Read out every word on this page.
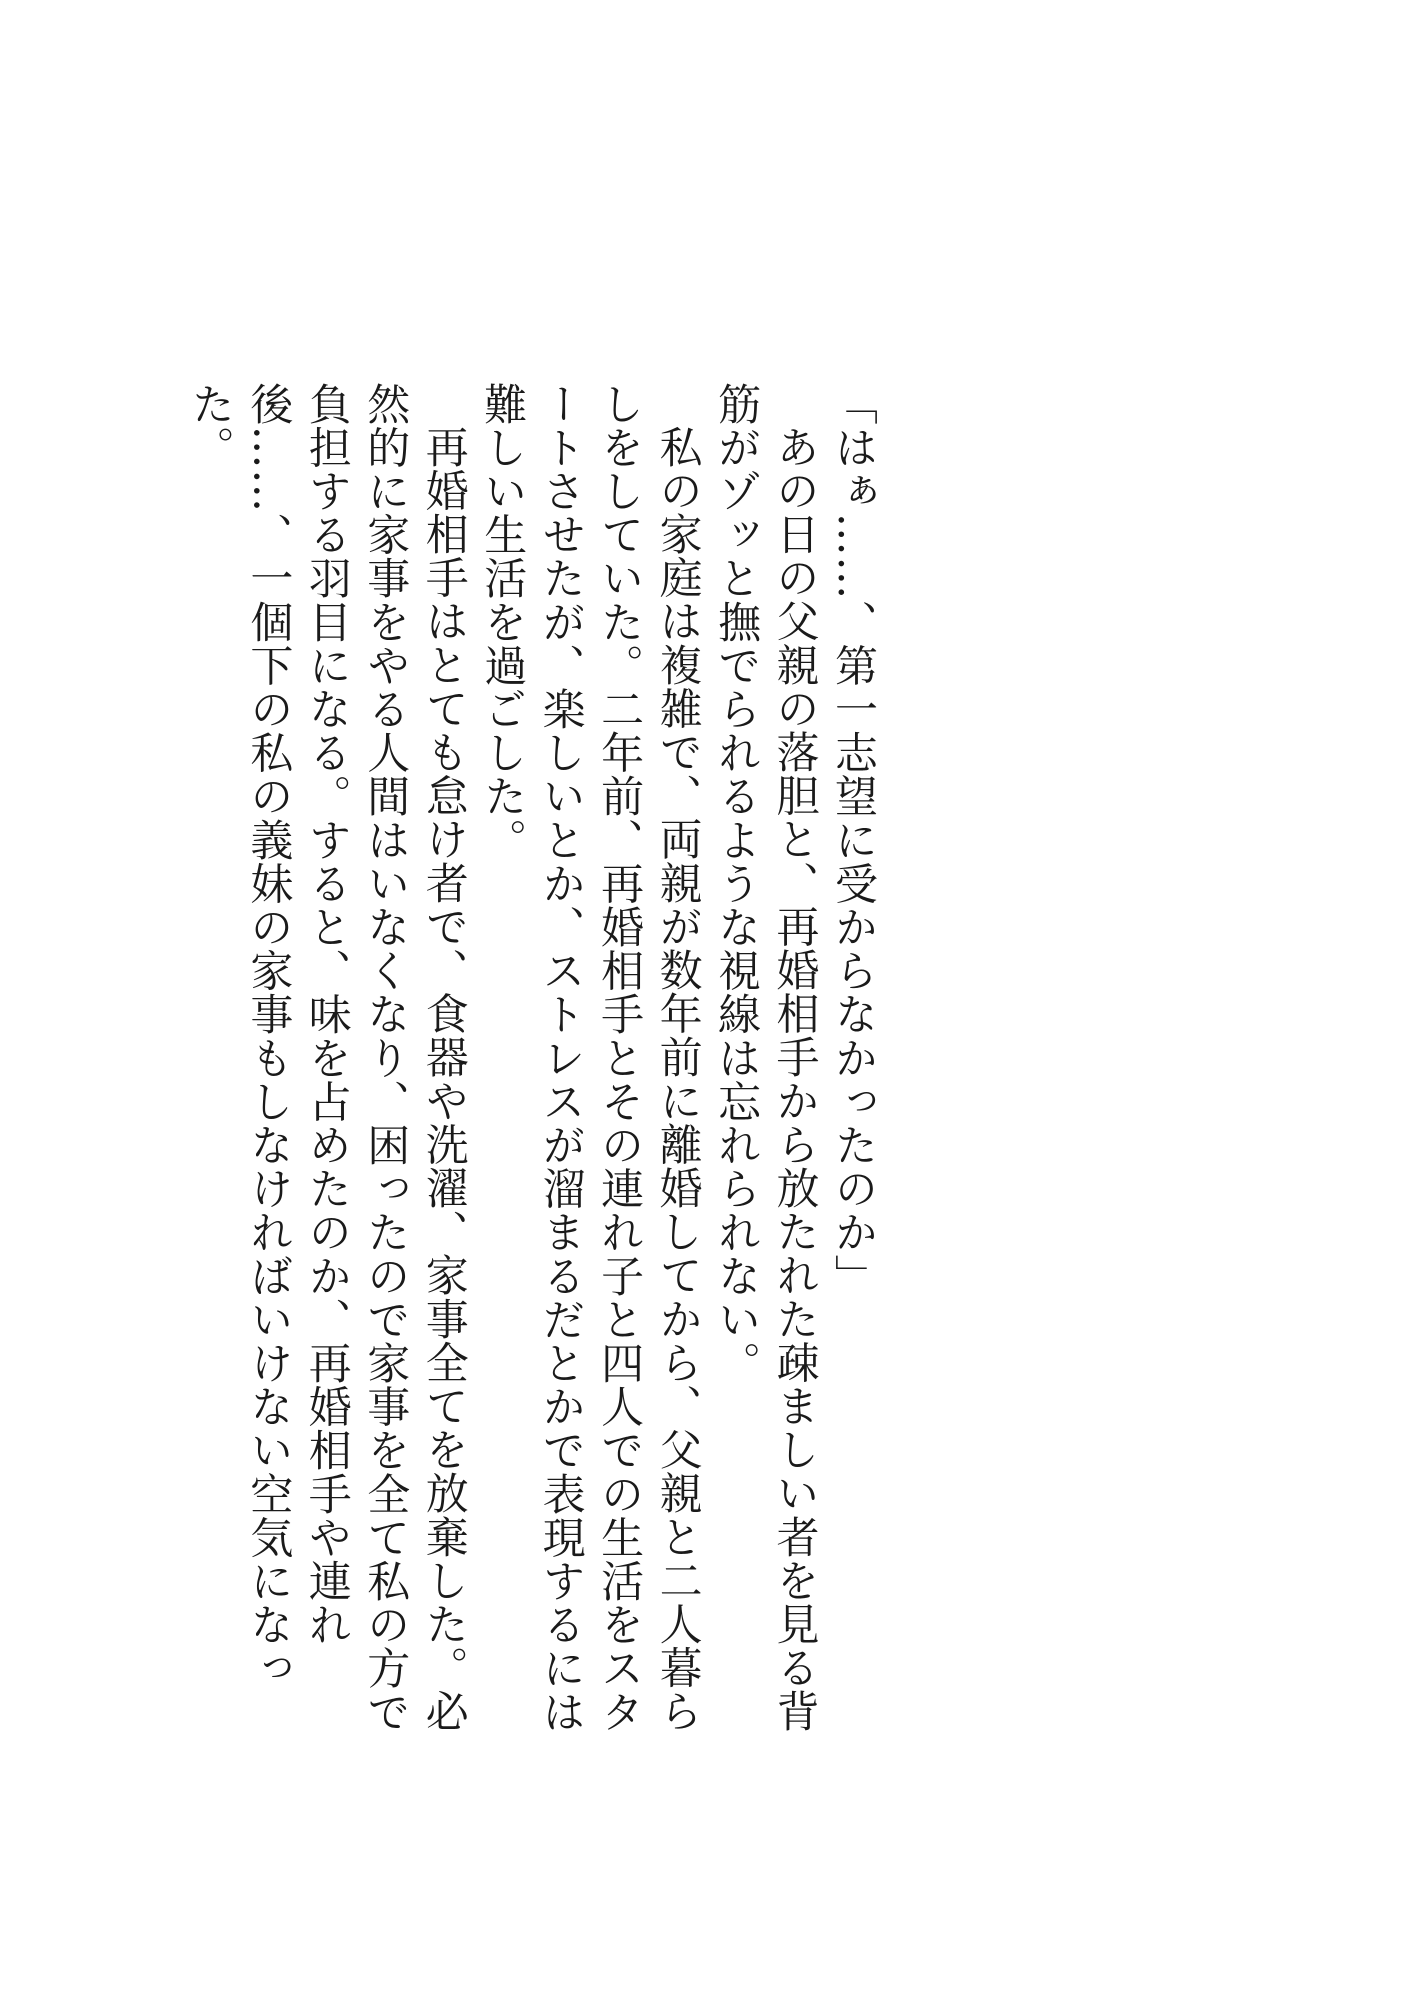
「はぁ……、第一志望に受からなかったのか」

あの日の父親の落胆と、再婚相手から放たれた疎ましい者を見る背筋がゾッと撫でられるような視線は忘れられない。

私の家庭は複雑で、両親が数年前に離婚してから、父親と二人暮らしをしていた。二年前、再婚相手とその連れ子と四人での生活をスタートさせたが、楽しいとか、ストレスが溜まるだとかで表現するには難しい生活を過ごした。

再婚相手はとても怠け者で、食器や洗濯、家事全てを放棄した。必然的に家事をやる人間はいなくなり、困ったので家事を全て私の方で負担する羽目になる。すると、味を占めたのか、再婚相手や連れ後……、一個下の私の義妹の家事もしなければいけない空気になった。
